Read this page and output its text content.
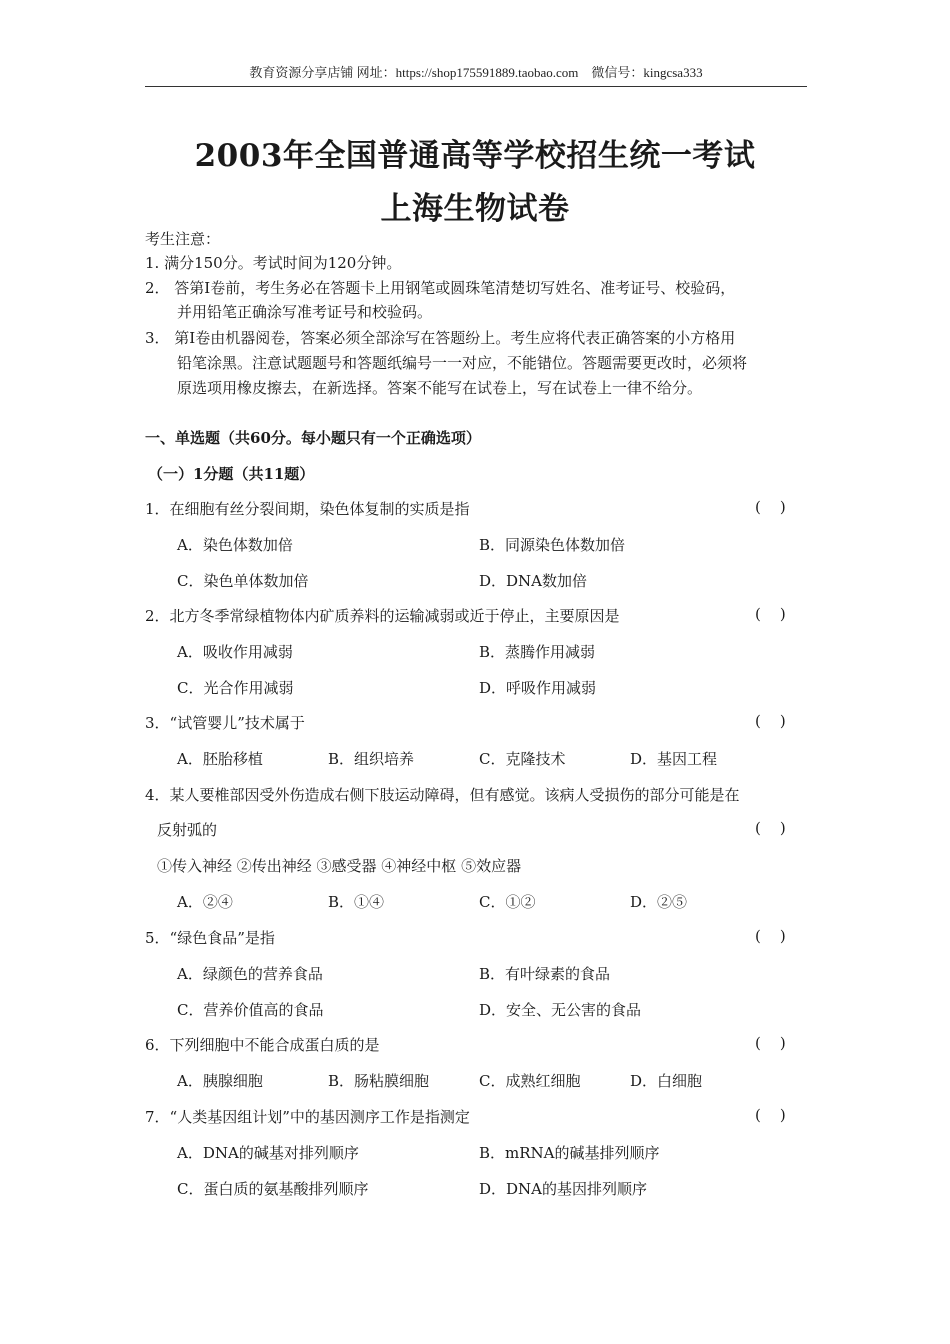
教育资源分享店铺 网址：https://shop175591889.taobao.com　微信号：kingcsa333
2003年全国普通高等学校招生统一考试
上海生物试卷
考生注意：
1. 满分150分。考试时间为120分钟。
2． 答第Ⅰ卷前，考生务必在答题卡上用钢笔或圆珠笔清楚切写姓名、准考证号、校验码，
并用铅笔正确涂写准考证号和校验码。
3． 第Ⅰ卷由机器阅卷，答案必须全部涂写在答题纷上。考生应将代表正确答案的小方格用
铅笔涂黑。注意试题题号和答题纸编号一一对应，不能错位。答题需要更改时，必须将
原选项用橡皮擦去，在新选择。答案不能写在试卷上，写在试卷上一律不给分。
一、单选题（共60分。每小题只有一个正确选项）
（一）1分题（共11题）
1．在细胞有丝分裂间期，染色体复制的实质是指	(    )
A．染色体数加倍	B．同源染色体数加倍
C．染色单体数加倍	D．DNA数加倍
2．北方冬季常绿植物体内矿质养料的运输减弱或近于停止，主要原因是	(    )
A．吸收作用减弱	B．蒸腾作用减弱
C．光合作用减弱	D．呼吸作用减弱
3．“试管婴儿”技术属于	(    )
A．胚胎移植	B．组织培养	C．克隆技术	D．基因工程
4．某人要椎部因受外伤造成右侧下肢运动障碍，但有感觉。该病人受损伤的部分可能是在
反射弧的	(    )
①传入神经 ②传出神经 ③感受器 ④神经中枢 ⑤效应器
A．②④	B．①④	C．①②	D．②⑤
5．“绿色食品”是指	(    )
A．绿颜色的营养食品	B．有叶绿素的食品
C．营养价值高的食品	D．安全、无公害的食品
6．下列细胞中不能合成蛋白质的是	(    )
A．胰腺细胞	B．肠粘膜细胞	C．成熟红细胞	D．白细胞
7．“人类基因组计划”中的基因测序工作是指测定	(    )
A．DNA的碱基对排列顺序	B．mRNA的碱基排列顺序
C．蛋白质的氨基酸排列顺序	D．DNA的基因排列顺序
